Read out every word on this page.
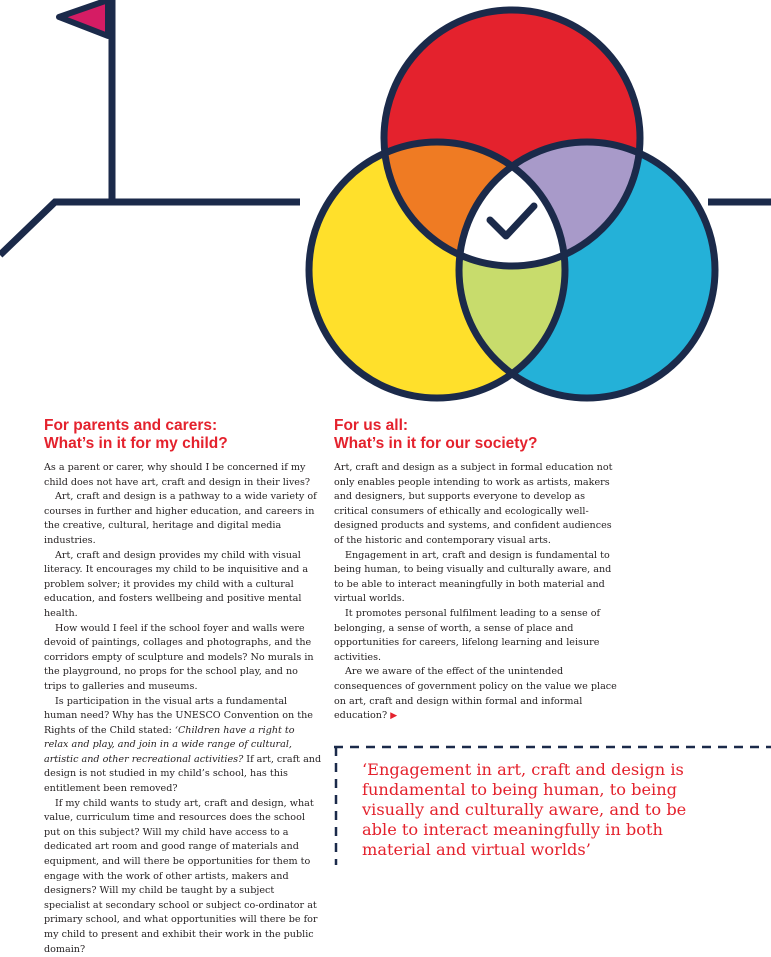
For parents and carers:
What’s in it for my child?
For us all:
What’s in it for our society?

As a parent or carer, why should I be concerned if my child does not have art, craft and design in their lives?

Art, craft and design is a pathway to a wide variety of courses in further and higher education, and careers in the creative, cultural, heritage and digital media industries.

Art, craft and design provides my child with visual literacy. It encourages my child to be inquisitive and a problem solver; it provides my child with a cultural education, and fosters wellbeing and positive mental health.

How would I feel if the school foyer and walls were devoid of paintings, collages and photographs, and the corridors empty of sculpture and models? No murals in the playground, no props for the school play, and no trips to galleries and museums.

Is participation in the visual arts a fundamental human need? Why has the UNESCO Convention on the Rights of the Child stated: ‘Children have a right to relax and play, and join in a wide range of cultural, artistic and other recreational activities? If art, craft and design is not studied in my child’s school, has this entitlement been removed?

If my child wants to study art, craft and design, what value, curriculum time and resources does the school put on this subject? Will my child have access to a dedicated art room and good range of materials and equipment, and will there be opportunities for them to engage with the work of other artists, makers and designers? Will my child be taught by a subject specialist at secondary school or subject co-ordinator at primary school, and what opportunities will there be for my child to present and exhibit their work in the public domain?

Art, craft and design as a subject in formal education not only enables people intending to work as artists, makers and designers, but supports everyone to develop as critical consumers of ethically and ecologically well-designed products and systems, and confident audiences of the historic and contemporary visual arts.

Engagement in art, craft and design is fundamental to being human, to being visually and culturally aware, and to be able to interact meaningfully in both material and virtual worlds.

It promotes personal fulfilment leading to a sense of belonging, a sense of worth, a sense of place and opportunities for careers, lifelong learning and leisure activities.

Are we aware of the effect of the unintended consequences of government policy on the value we place on art, craft and design within formal and informal education? ▶

‘Engagement in art, craft and design is fundamental to being human, to being visually and culturally aware, and to be able to interact meaningfully in both material and virtual worlds’
